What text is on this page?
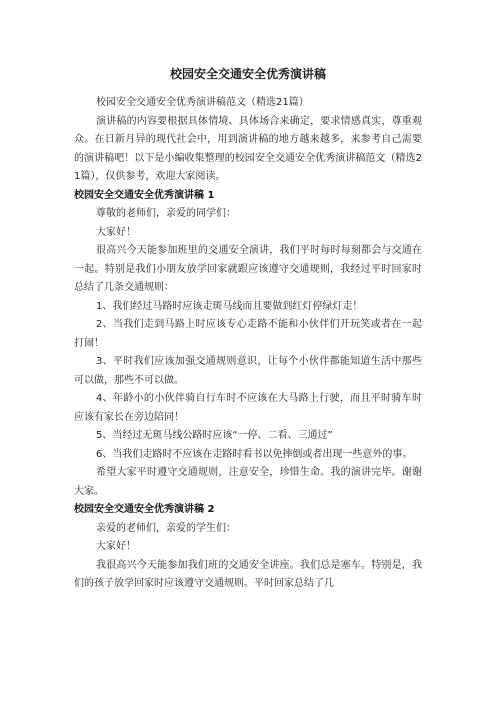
校园安全交通安全优秀演讲稿

校园安全交通安全优秀演讲稿范文（精选21篇）

演讲稿的内容要根据具体情境、具体场合来确定，要求情感真实，尊重观众。在日新月异的现代社会中，用到演讲稿的地方越来越多，来参考自己需要的演讲稿吧！以下是小编收集整理的校园安全交通安全优秀演讲稿范文（精选21篇），仅供参考，欢迎大家阅读。

校园安全交通安全优秀演讲稿 1

尊敬的老师们，亲爱的同学们：

大家好！

很高兴今天能参加班里的交通安全演讲，我们平时每时每刻都会与交通在一起。特别是我们小朋友放学回家就跟应该遵守交通规则，我经过平时回家时总结了几条交通规则：

1、我们经过马路时应该走斑马线而且要做到红灯停绿灯走！

2、当我们走到马路上时应该专心走路不能和小伙伴们开玩笑或者在一起打闹！

3、平时我们应该加强交通规则意识，让每个小伙伴都能知道生活中那些可以做，那些不可以做。

4、年龄小的小伙伴骑自行车时不应该在大马路上行驶，而且平时骑车时应该有家长在旁边陪同！

5、当经过无斑马线公路时应该“一停、二看、三通过”

6、当我们走路时不应该在走路时看书以免摔倒或者出现一些意外的事。

希望大家平时遵守交通规则，注意安全，珍惜生命。我的演讲完毕。谢谢大家。

校园安全交通安全优秀演讲稿 2

亲爱的老师们，亲爱的学生们：

大家好！

我很高兴今天能参加我们班的交通安全讲座。我们总是塞车。特别是，我们的孩子放学回家时应该遵守交通规则。平时回家总结了几
